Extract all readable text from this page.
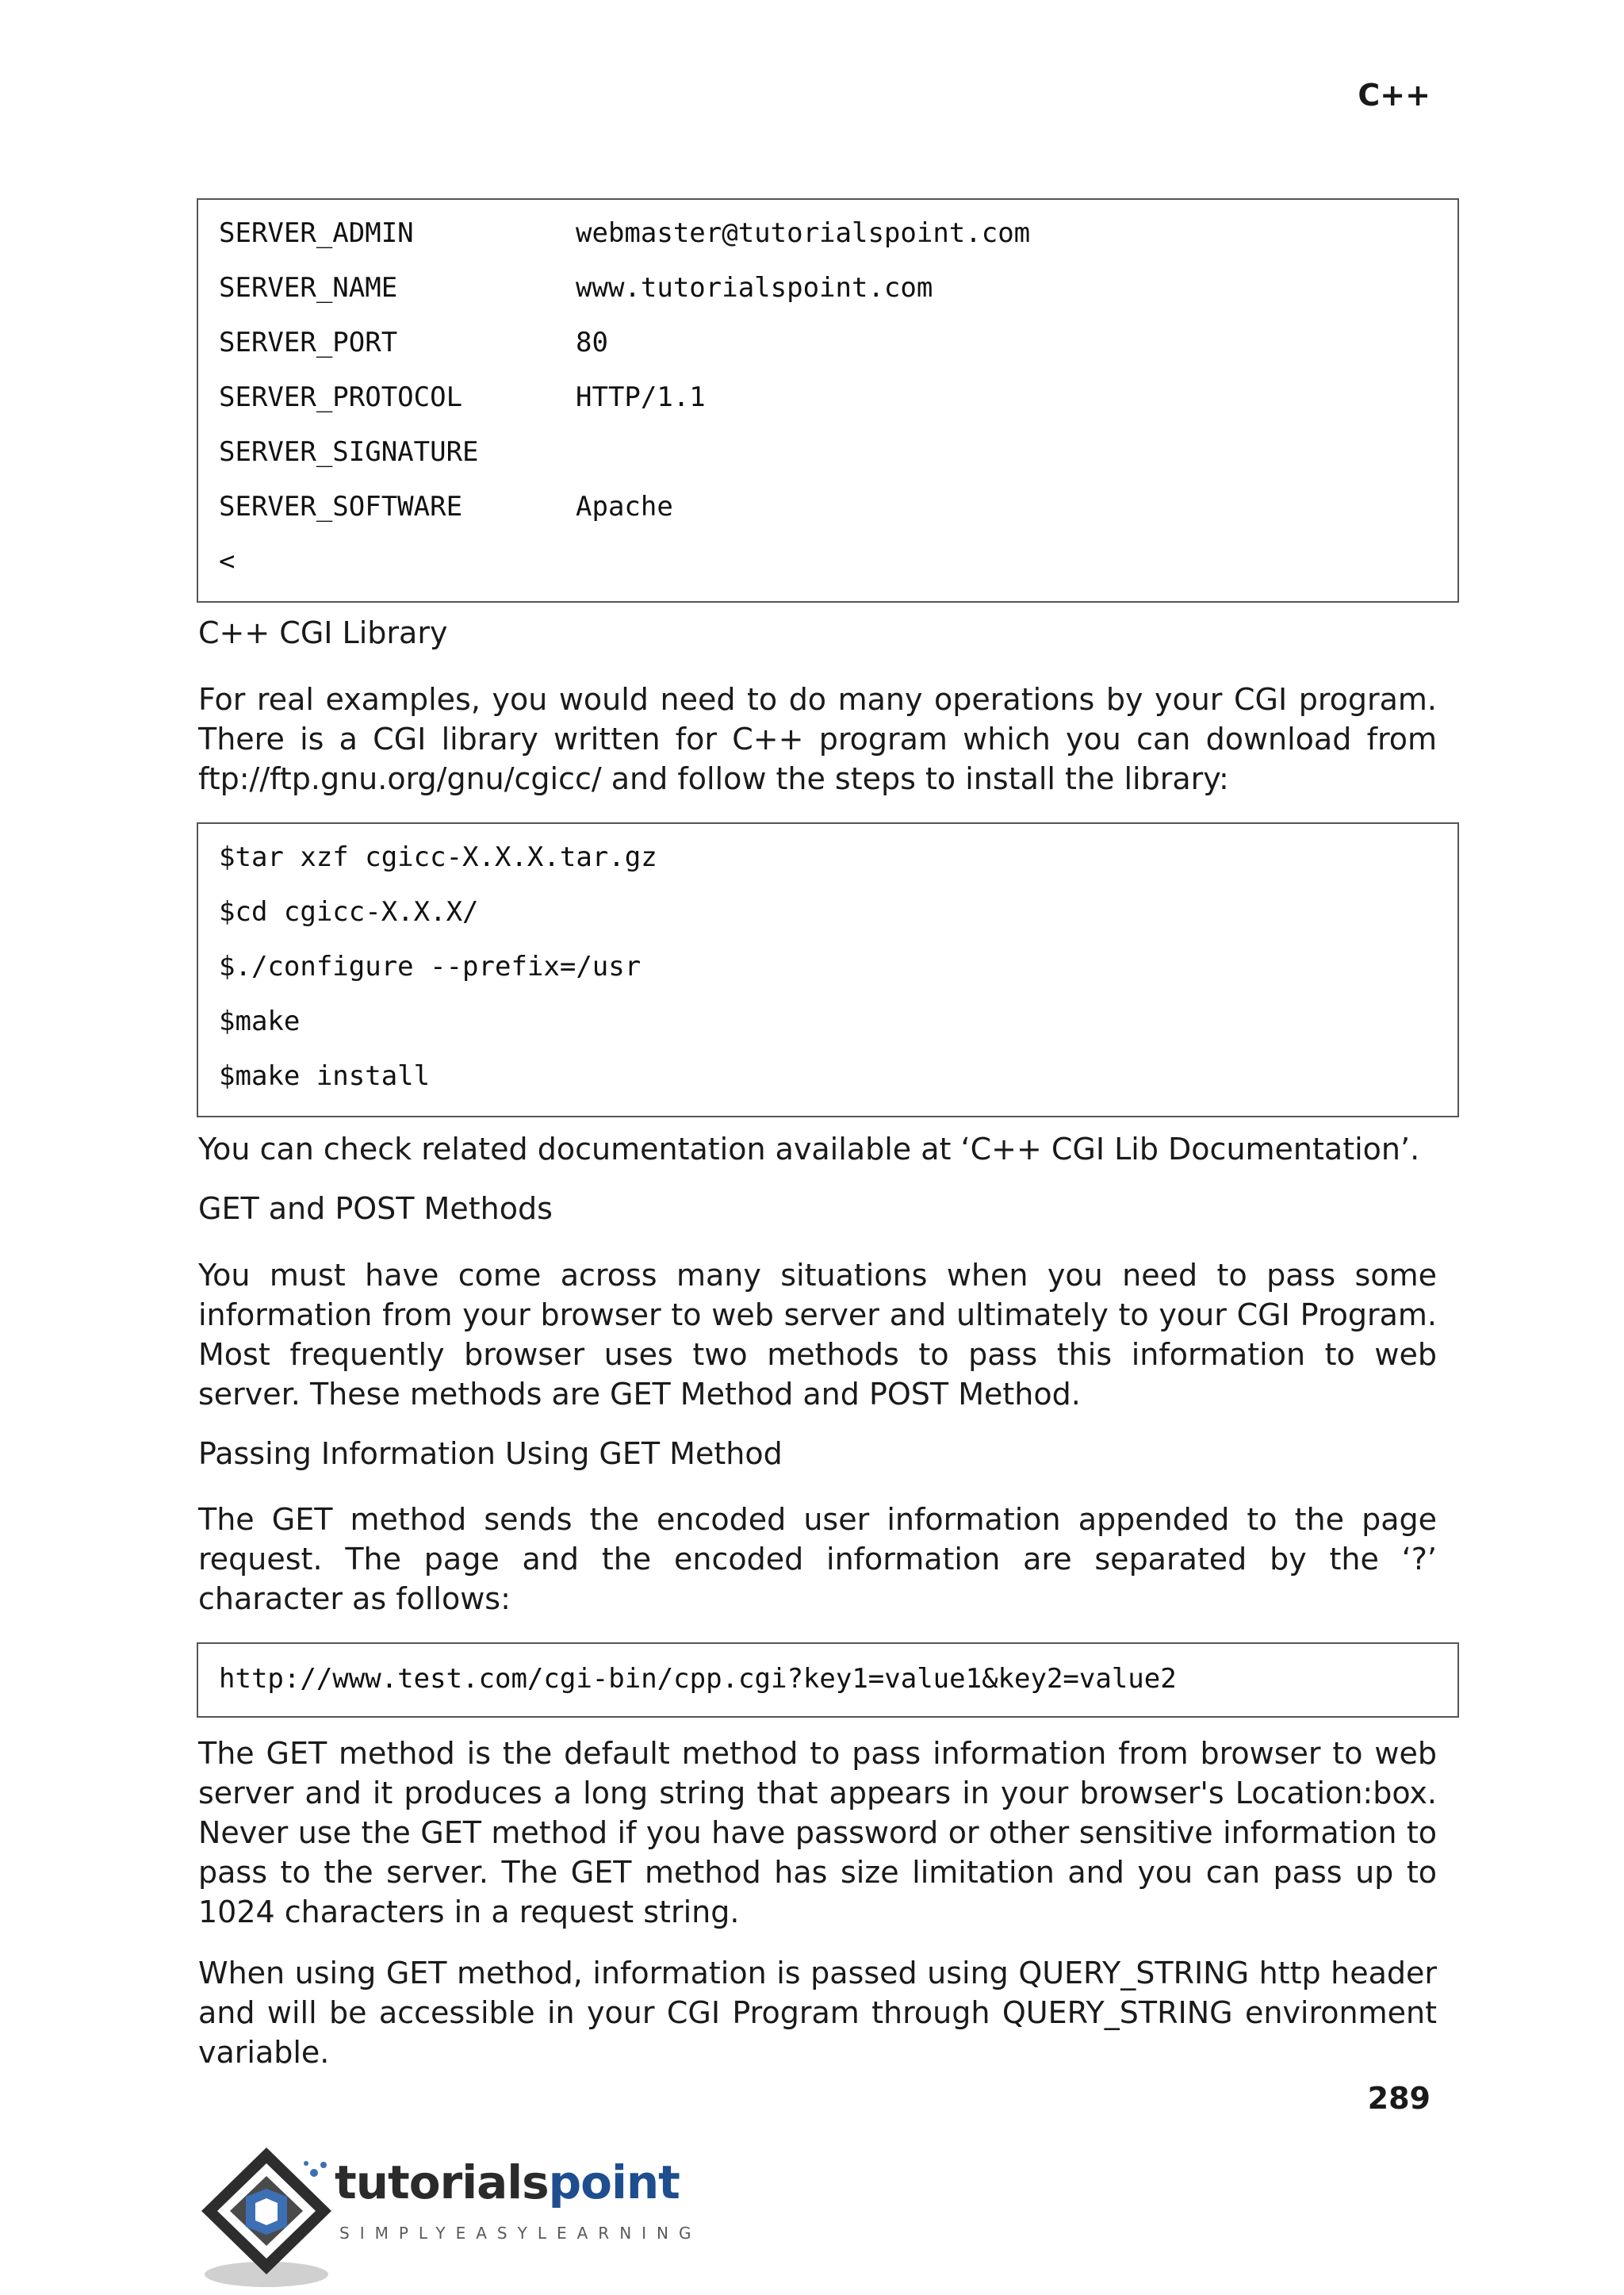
C++
SERVER_ADMIN	webmaster@tutorialspoint.com
SERVER_NAME	www.tutorialspoint.com
SERVER_PORT	80
SERVER_PROTOCOL	HTTP/1.1
SERVER_SIGNATURE
SERVER_SOFTWARE	Apache
<
C++ CGI Library
For real examples, you would need to do many operations by your CGI program. There is a CGI library written for C++ program which you can download from ftp://ftp.gnu.org/gnu/cgicc/ and follow the steps to install the library:
$tar xzf cgicc-X.X.X.tar.gz
$cd cgicc-X.X.X/
$./configure --prefix=/usr
$make
$make install
You can check related documentation available at ‘C++ CGI Lib Documentation’.
GET and POST Methods
You must have come across many situations when you need to pass some information from your browser to web server and ultimately to your CGI Program. Most frequently browser uses two methods to pass this information to web server. These methods are GET Method and POST Method.
Passing Information Using GET Method
The GET method sends the encoded user information appended to the page request. The page and the encoded information are separated by the ‘?’ character as follows:
http://www.test.com/cgi-bin/cpp.cgi?key1=value1&key2=value2
The GET method is the default method to pass information from browser to web server and it produces a long string that appears in your browser's Location:box. Never use the GET method if you have password or other sensitive information to pass to the server. The GET method has size limitation and you can pass up to 1024 characters in a request string.
When using GET method, information is passed using QUERY_STRING http header and will be accessible in your CGI Program through QUERY_STRING environment variable.
289
tutorialspoint
SIMPLYEASYLEARNING
